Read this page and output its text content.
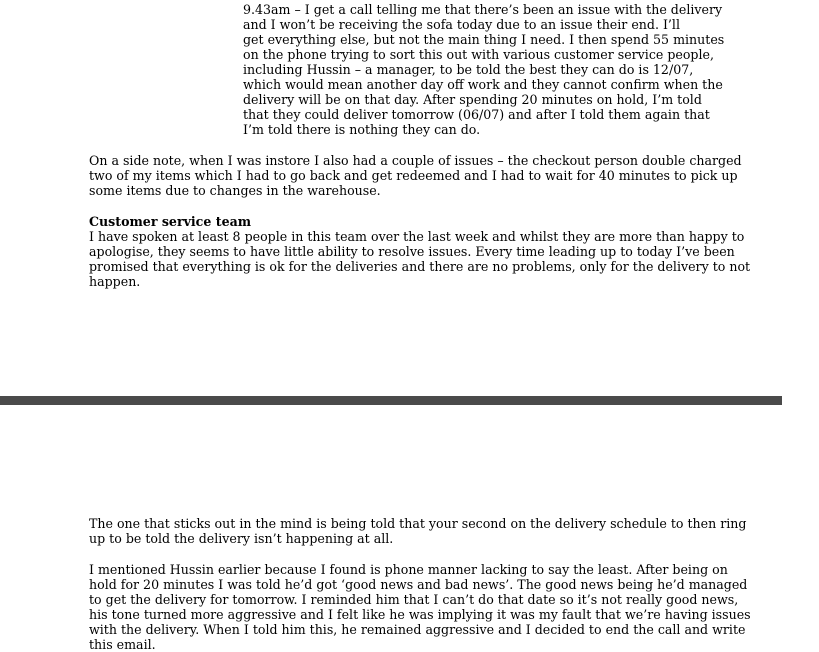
9.43am – I get a call telling me that there’s been an issue with the delivery
and I won’t be receiving the sofa today due to an issue their end. I’ll
get everything else, but not the main thing I need. I then spend 55 minutes
on the phone trying to sort this out with various customer service people,
including Hussin – a manager, to be told the best they can do is 12/07,
which would mean another day off work and they cannot confirm when the
delivery will be on that day. After spending 20 minutes on hold, I’m told
that they could deliver tomorrow (06/07) and after I told them again that
I’m told there is nothing they can do.
On a side note, when I was instore I also had a couple of issues – the checkout person double charged
two of my items which I had to go back and get redeemed and I had to wait for 40 minutes to pick up
some items due to changes in the warehouse.
Customer service team
I have spoken at least 8 people in this team over the last week and whilst they are more than happy to
apologise, they seems to have little ability to resolve issues. Every time leading up to today I’ve been
promised that everything is ok for the deliveries and there are no problems, only for the delivery to not
happen.
The one that sticks out in the mind is being told that your second on the delivery schedule to then ring
up to be told the delivery isn’t happening at all.
I mentioned Hussin earlier because I found is phone manner lacking to say the least. After being on
hold for 20 minutes I was told he’d got ‘good news and bad news’. The good news being he’d managed
to get the delivery for tomorrow. I reminded him that I can’t do that date so it’s not really good news,
his tone turned more aggressive and I felt like he was implying it was my fault that we’re having issues
with the delivery. When I told him this, he remained aggressive and I decided to end the call and write
this email.
